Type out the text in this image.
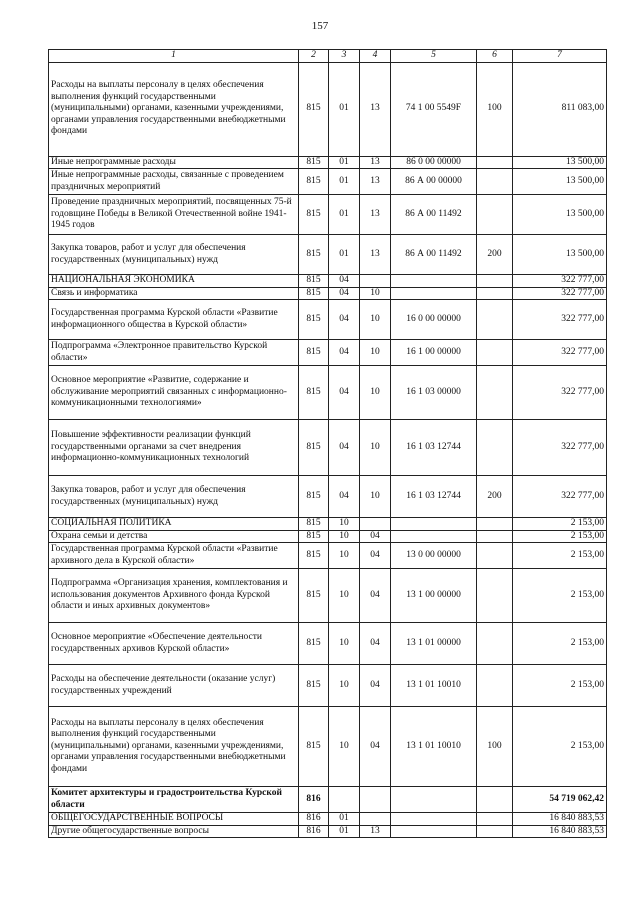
157
1	2	3	4	5	6	7
Расходы на выплаты персоналу в целях обеспечения выполнения функций государственными (муниципальными) органами, казенными учреждениями, органами управления государственными внебюджетными фондами	815	01	13	74 1 00 5549F	100	811 083,00
Иные непрограммные расходы	815	01	13	86 0 00 00000		13 500,00
Иные непрограммные расходы, связанные с проведением праздничных мероприятий	815	01	13	86 А 00 00000		13 500,00
Проведение праздничных мероприятий, посвященных 75-й годовщине Победы в Великой Отечественной войне 1941-1945 годов	815	01	13	86 А 00 11492		13 500,00
Закупка товаров, работ и услуг для обеспечения государственных (муниципальных) нужд	815	01	13	86 А 00 11492	200	13 500,00
НАЦИОНАЛЬНАЯ ЭКОНОМИКА	815	04				322 777,00
Связь и информатика	815	04	10			322 777,00
Государственная программа Курской области «Развитие информационного общества в Курской области»	815	04	10	16 0 00 00000		322 777,00
Подпрограмма «Электронное правительство Курской области»	815	04	10	16 1 00 00000		322 777,00
Основное мероприятие «Развитие, содержание и обслуживание мероприятий связанных с информационно-коммуникационными технологиями»	815	04	10	16 1 03 00000		322 777,00
Повышение эффективности реализации функций государственными органами за счет внедрения информационно-коммуникационных технологий	815	04	10	16 1 03 12744		322 777,00
Закупка товаров, работ и услуг для обеспечения государственных (муниципальных) нужд	815	04	10	16 1 03 12744	200	322 777,00
СОЦИАЛЬНАЯ ПОЛИТИКА	815	10				2 153,00
Охрана семьи и детства	815	10	04			2 153,00
Государственная программа Курской области «Развитие архивного дела в Курской области»	815	10	04	13 0 00 00000		2 153,00
Подпрограмма «Организация хранения, комплектования и использования документов Архивного фонда Курской области и иных архивных документов»	815	10	04	13 1 00 00000		2 153,00
Основное мероприятие «Обеспечение деятельности государственных архивов Курской области»	815	10	04	13 1 01 00000		2 153,00
Расходы на обеспечение деятельности (оказание услуг) государственных учреждений	815	10	04	13 1 01 10010		2 153,00
Расходы на выплаты персоналу в целях обеспечения выполнения функций государственными (муниципальными) органами, казенными учреждениями, органами управления государственными внебюджетными фондами	815	10	04	13 1 01 10010	100	2 153,00
Комитет архитектуры и градостроительства Курской области	816					54 719 062,42
ОБЩЕГОСУДАРСТВЕННЫЕ ВОПРОСЫ	816	01				16 840 883,53
Другие общегосударственные вопросы	816	01	13			16 840 883,53
